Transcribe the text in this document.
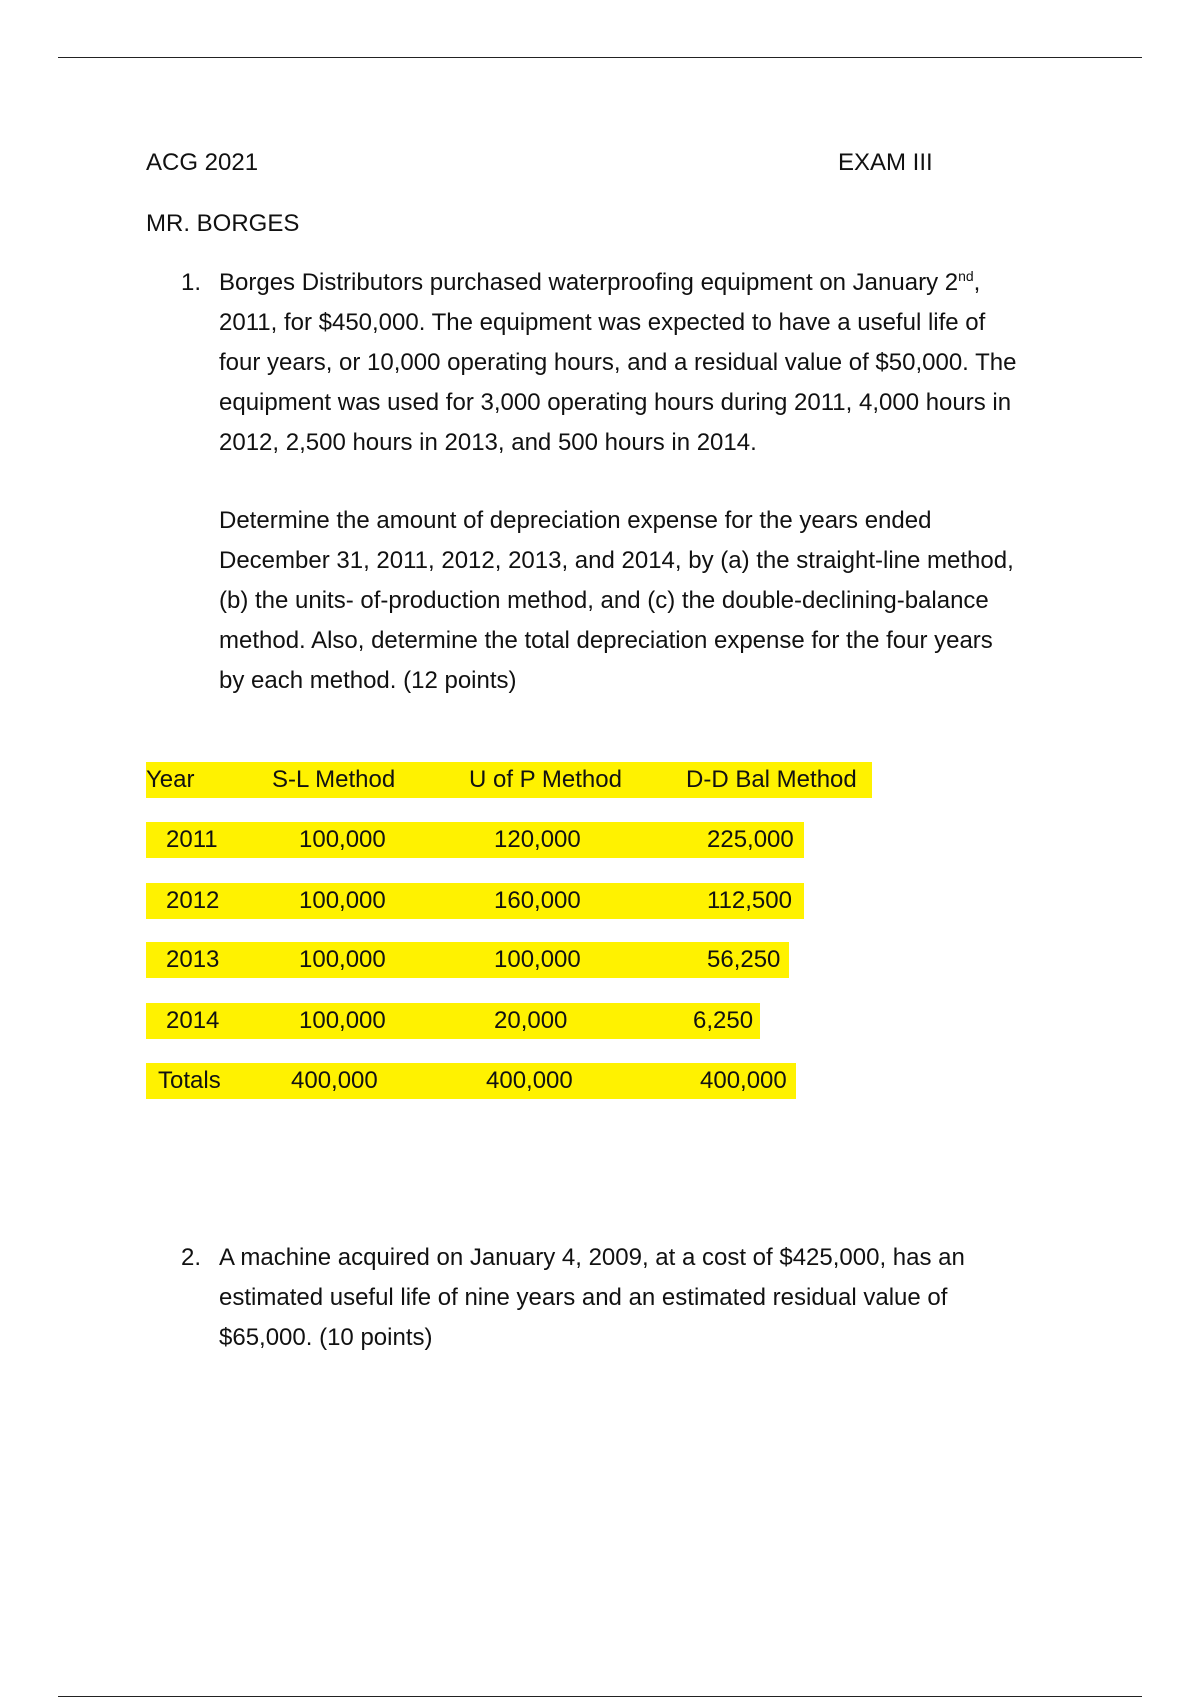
ACG 2021	EXAM III
MR. BORGES
1. Borges Distributors purchased waterproofing equipment on January 2nd,

2011, for $450,000. The equipment was expected to have a useful life of

four years, or 10,000 operating hours, and a residual value of $50,000. The

equipment was used for 3,000 operating hours during 2011, 4,000 hours in

2012, 2,500 hours in 2013, and 500 hours in 2014.

Determine the amount of depreciation expense for the years ended

December 31, 2011, 2012, 2013, and 2014, by (a) the straight-line method,

(b) the units- of-production method, and (c) the double-declining-balance

method. Also, determine the total depreciation expense for the four years

by each method. (12 points)

Year	S-L Method	U of P Method	D-D Bal Method
2011	100,000	120,000	225,000
2012	100,000	160,000	112,500
2013	100,000	100,000	56,250
2014	100,000	20,000	6,250
Totals	400,000	400,000	400,000
2. A machine acquired on January 4, 2009, at a cost of $425,000, has an

estimated useful life of nine years and an estimated residual value of

$65,000. (10 points)
